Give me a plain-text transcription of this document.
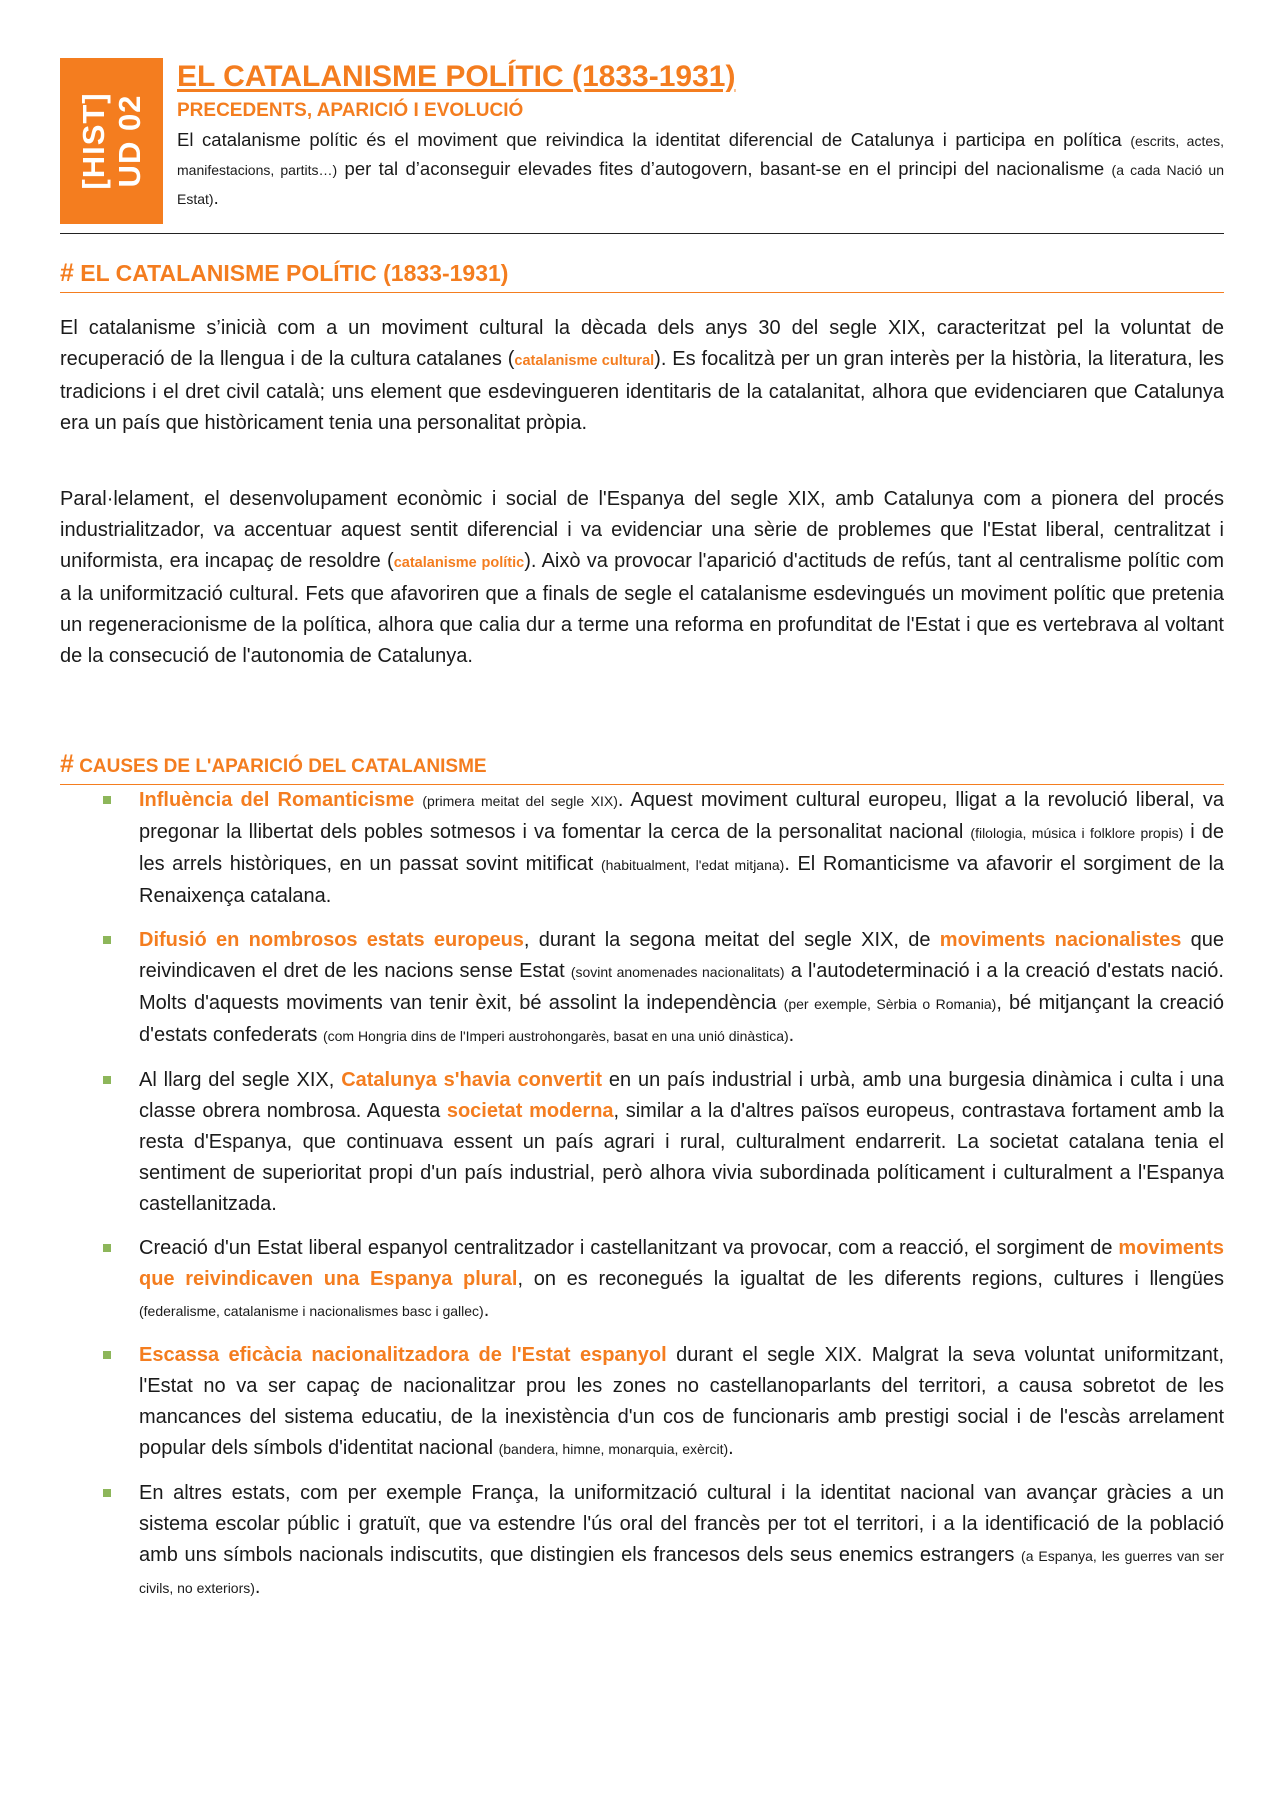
[HIST] UD 02
EL CATALANISME POLÍTIC (1833-1931)
PRECEDENTS, APARICIÓ I EVOLUCIÓ
El catalanisme polític és el moviment que reivindica la identitat diferencial de Catalunya i participa en política (escrits, actes, manifestacions, partits…) per tal d’aconseguir elevades fites d’autogovern, basant-se en el principi del nacionalisme (a cada Nació un Estat).
# EL CATALANISME POLÍTIC (1833-1931)

El catalanisme s’inicià com a un moviment cultural la dècada dels anys 30 del segle XIX, caracteritzat pel la voluntat de recuperació de la llengua i de la cultura catalanes (catalanisme cultural). Es focalitzà per un gran interès per la història, la literatura, les tradicions i el dret civil català; uns element que esdevingueren identitaris de la catalanitat, alhora que evidenciaren que Catalunya era un país que històricament tenia una personalitat pròpia.

Paral·lelament, el desenvolupament econòmic i social de l'Espanya del segle XIX, amb Catalunya com a pionera del procés industrialitzador, va accentuar aquest sentit diferencial i va evidenciar una sèrie de problemes que l'Estat liberal, centralitzat i uniformista, era incapaç de resoldre (catalanisme polític). Això va provocar l'aparició d'actituds de refús, tant al centralisme polític com a la uniformització cultural. Fets que afavoriren que a finals de segle el catalanisme esdevingués un moviment polític que pretenia un regeneracionisme de la política, alhora que calia dur a terme una reforma en profunditat de l'Estat i que es vertebrava al voltant de la consecució de l'autonomia de Catalunya.

# CAUSES DE L'APARICIÓ DEL CATALANISME
Influència del Romanticisme (primera meitat del segle XIX). Aquest moviment cultural europeu, lligat a la revolució liberal, va pregonar la llibertat dels pobles sotmesos i va fomentar la cerca de la personalitat nacional (filologia, música i folklore propis) i de les arrels històriques, en un passat sovint mitificat (habitualment, l'edat mitjana). El Romanticisme va afavorir el sorgiment de la Renaixença catalana.
Difusió en nombrosos estats europeus, durant la segona meitat del segle XIX, de moviments nacionalistes que reivindicaven el dret de les nacions sense Estat (sovint anomenades nacionalitats) a l'autodeterminació i a la creació d'estats nació. Molts d'aquests moviments van tenir èxit, bé assolint la independència (per exemple, Sèrbia o Romania), bé mitjançant la creació d'estats confederats (com Hongria dins de l'Imperi austrohongarès, basat en una unió dinàstica).
Al llarg del segle XIX, Catalunya s'havia convertit en un país industrial i urbà, amb una burgesia dinàmica i culta i una classe obrera nombrosa. Aquesta societat moderna, similar a la d'altres països europeus, contrastava fortament amb la resta d'Espanya, que continuava essent un país agrari i rural, culturalment endarrerit. La societat catalana tenia el sentiment de superioritat propi d'un país industrial, però alhora vivia subordinada políticament i culturalment a l'Espanya castellanitzada.
Creació d'un Estat liberal espanyol centralitzador i castellanitzant va provocar, com a reacció, el sorgiment de moviments que reivindicaven una Espanya plural, on es reconegués la igualtat de les diferents regions, cultures i llengües (federalisme, catalanisme i nacionalismes basc i gallec).
Escassa eficàcia nacionalitzadora de l'Estat espanyol durant el segle XIX. Malgrat la seva voluntat uniformitzant, l'Estat no va ser capaç de nacionalitzar prou les zones no castellanoparlants del territori, a causa sobretot de les mancances del sistema educatiu, de la inexistència d'un cos de funcionaris amb prestigi social i de l'escàs arrelament popular dels símbols d'identitat nacional (bandera, himne, monarquia, exèrcit).
En altres estats, com per exemple França, la uniformització cultural i la identitat nacional van avançar gràcies a un sistema escolar públic i gratuït, que va estendre l'ús oral del francès per tot el territori, i a la identificació de la població amb uns símbols nacionals indiscutits, que distingien els francesos dels seus enemics estrangers (a Espanya, les guerres van ser civils, no exteriors).
